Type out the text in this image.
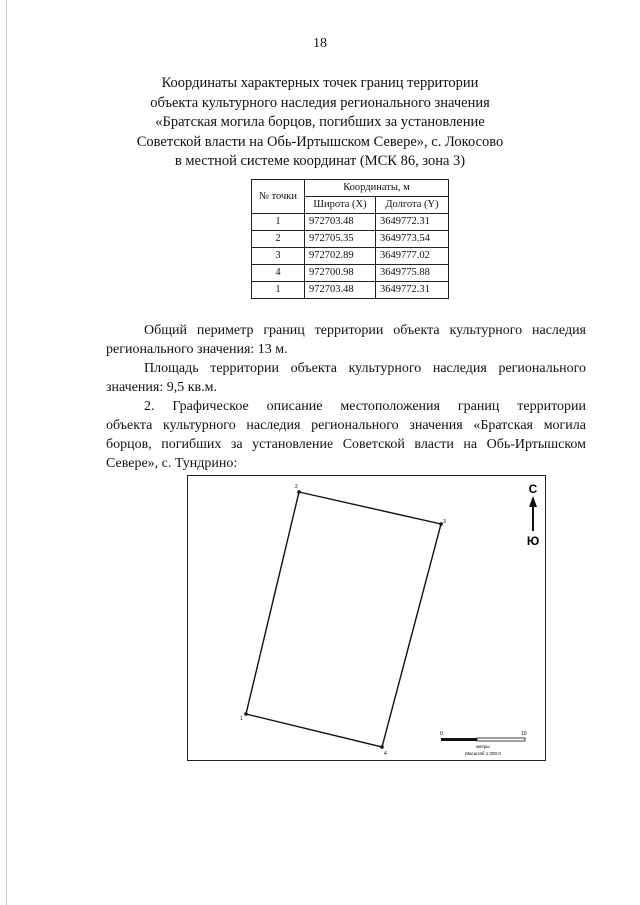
18
Координаты характерных точек границ территории
объекта культурного наследия регионального значения
«Братская могила борцов, погибших за установление
Советской власти на Обь-Иртышском Севере», с. Локосово
в местной системе координат (МСК 86, зона 3)
№ точки	Координаты, м	
	Широта (X)	Долгота (Y)
1	972703.48	3649772.31
2	972705.35	3649773.54
3	972702.89	3649777.02
4	972700.98	3649775.88
1	972703.48	3649772.31
Общий периметр границ территории объекта культурного наследия
регионального значения: 13 м.
Площадь территории объекта культурного наследия регионального
значения: 9,5 кв.м.
2. Графическое описание местоположения границ территории
объекта культурного наследия регионального значения «Братская могила
борцов, погибших за установление Советской власти на Обь-Иртышском
Севере», с. Тундрино:
1
2
3
4
С
Ю
0	10
метры
Масштаб 1:200.0
